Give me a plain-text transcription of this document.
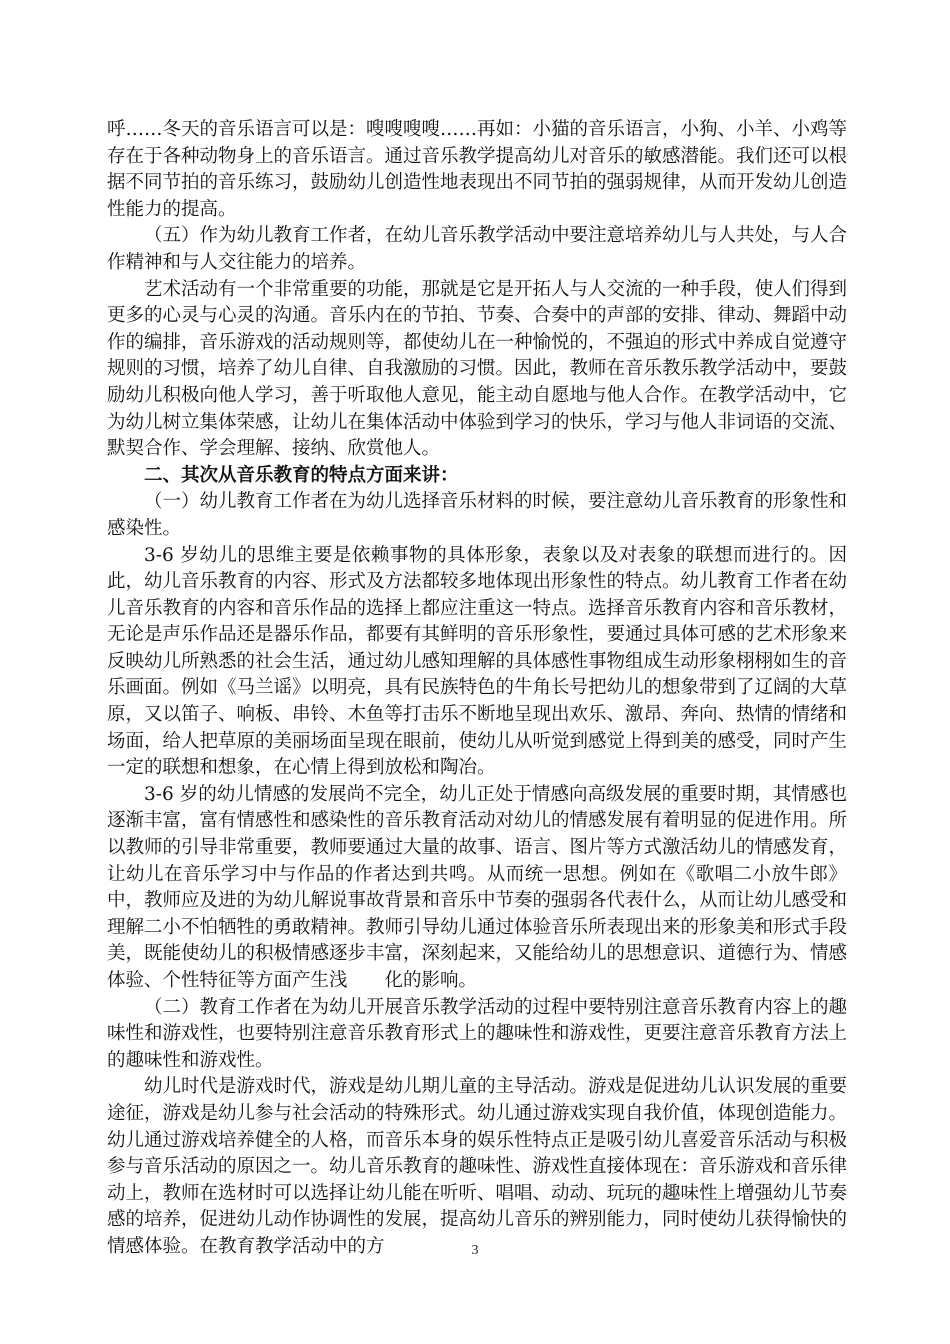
呼……冬天的音乐语言可以是：嗖嗖嗖嗖……再如：小猫的音乐语言，小狗、小羊、小鸡等存在于各种动物身上的音乐语言。通过音乐教学提高幼儿对音乐的敏感潜能。我们还可以根据不同节拍的音乐练习，鼓励幼儿创造性地表现出不同节拍的强弱规律，从而开发幼儿创造性能力的提高。

（五）作为幼儿教育工作者，在幼儿音乐教学活动中要注意培养幼儿与人共处，与人合作精神和与人交往能力的培养。

艺术活动有一个非常重要的功能，那就是它是开拓人与人交流的一种手段，使人们得到更多的心灵与心灵的沟通。音乐内在的节拍、节奏、合奏中的声部的安排、律动、舞蹈中动作的编排，音乐游戏的活动规则等，都使幼儿在一种愉悦的，不强迫的形式中养成自觉遵守规则的习惯，培养了幼儿自律、自我激励的习惯。因此，教师在音乐教乐教学活动中，要鼓励幼儿积极向他人学习，善于听取他人意见，能主动自愿地与他人合作。在教学活动中，它为幼儿树立集体荣感，让幼儿在集体活动中体验到学习的快乐，学习与他人非词语的交流、默契合作、学会理解、接纳、欣赏他人。

二、其次从音乐教育的特点方面来讲：

（一）幼儿教育工作者在为幼儿选择音乐材料的时候，要注意幼儿音乐教育的形象性和感染性。

3-6 岁幼儿的思维主要是依赖事物的具体形象，表象以及对表象的联想而进行的。因此，幼儿音乐教育的内容、形式及方法都较多地体现出形象性的特点。幼儿教育工作者在幼儿音乐教育的内容和音乐作品的选择上都应注重这一特点。选择音乐教育内容和音乐教材，无论是声乐作品还是器乐作品，都要有其鲜明的音乐形象性，要通过具体可感的艺术形象来反映幼儿所熟悉的社会生活，通过幼儿感知理解的具体感性事物组成生动形象栩栩如生的音乐画面。例如《马兰谣》以明亮，具有民族特色的牛角长号把幼儿的想象带到了辽阔的大草原，又以笛子、响板、串铃、木鱼等打击乐不断地呈现出欢乐、激昂、奔向、热情的情绪和场面，给人把草原的美丽场面呈现在眼前，使幼儿从听觉到感觉上得到美的感受，同时产生一定的联想和想象，在心情上得到放松和陶冶。

3-6 岁的幼儿情感的发展尚不完全，幼儿正处于情感向高级发展的重要时期，其情感也逐渐丰富，富有情感性和感染性的音乐教育活动对幼儿的情感发展有着明显的促进作用。所以教师的引导非常重要，教师要通过大量的故事、语言、图片等方式激活幼儿的情感发育，让幼儿在音乐学习中与作品的作者达到共鸣。从而统一思想。例如在《歌唱二小放牛郎》中，教师应及进的为幼儿解说事故背景和音乐中节奏的强弱各代表什么，从而让幼儿感受和理解二小不怕牺牲的勇敢精神。教师引导幼儿通过体验音乐所表现出来的形象美和形式手段美，既能使幼儿的积极情感逐步丰富，深刻起来，又能给幼儿的思想意识、道德行为、情感体验、个性特征等方面产生浅　　化的影响。

（二）教育工作者在为幼儿开展音乐教学活动的过程中要特别注意音乐教育内容上的趣味性和游戏性，也要特别注意音乐教育形式上的趣味性和游戏性，更要注意音乐教育方法上的趣味性和游戏性。

幼儿时代是游戏时代，游戏是幼儿期儿童的主导活动。游戏是促进幼儿认识发展的重要途征，游戏是幼儿参与社会活动的特殊形式。幼儿通过游戏实现自我价值，体现创造能力。幼儿通过游戏培养健全的人格，而音乐本身的娱乐性特点正是吸引幼儿喜爱音乐活动与积极参与音乐活动的原因之一。幼儿音乐教育的趣味性、游戏性直接体现在：音乐游戏和音乐律动上，教师在选材时可以选择让幼儿能在听听、唱唱、动动、玩玩的趣味性上增强幼儿节奏感的培养，促进幼儿动作协调性的发展，提高幼儿音乐的辨别能力，同时使幼儿获得愉快的情感体验。在教育教学活动中的方	3
